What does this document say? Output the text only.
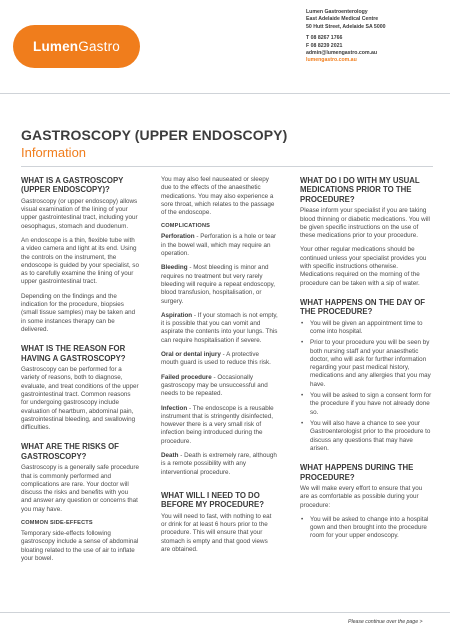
LumenGastro
Lumen Gastroenterology
East Adelaide Medical Centre
50 Hutt Street, Adelaide SA 5000
T 08 8267 1766
F 08 8239 2021
admin@lumengastro.com.au
lumengastro.com.au
GASTROSCOPY (UPPER ENDOSCOPY)
Information
WHAT IS A GASTROSCOPY (UPPER ENDOSCOPY)?

Gastroscopy (or upper endoscopy) allows visual examination of the lining of your upper gastrointestinal tract, including your oesophagus, stomach and duodenum.

An endoscope is a thin, flexible tube with a video camera and light at its end. Using the controls on the instrument, the endoscope is guided by your specialist, so as to carefully examine the lining of your upper gastrointestinal tract.

Depending on the findings and the indication for the procedure, biopsies (small tissue samples) may be taken and in some instances therapy can be delivered.

WHAT IS THE REASON FOR HAVING A GASTROSCOPY?

Gastroscopy can be performed for a variety of reasons, both to diagnose, evaluate, and treat conditions of the upper gastrointestinal tract. Common reasons for undergoing gastroscopy include evaluation of heartburn, abdominal pain, gastrointestinal bleeding, and swallowing difficulties.

WHAT ARE THE RISKS OF GASTROSCOPY?

Gastroscopy is a generally safe procedure that is commonly performed and complications are rare. Your doctor will discuss the risks and benefits with you and answer any question or concerns that you may have.

COMMON SIDE-EFFECTS

Temporary side-effects following gastroscopy include a sense of abdominal bloating related to the use of air to inflate your bowel.

You may also feel nauseated or sleepy due to the effects of the anaesthetic medications. You may also experience a sore throat, which relates to the passage of the endoscope.

COMPLICATIONS

Perforation - Perforation is a hole or tear in the bowel wall, which may require an operation.

Bleeding - Most bleeding is minor and requires no treatment but very rarely bleeding will require a repeat endoscopy, blood transfusion, hospitalisation, or surgery.

Aspiration - If your stomach is not empty, it is possible that you can vomit and aspirate the contents into your lungs. This can require hospitalisation if severe.

Oral or dental injury - A protective mouth guard is used to reduce this risk.

Failed procedure - Occasionally gastroscopy may be unsuccessful and needs to be repeated.

Infection - The endoscope is a reusable instrument that is stringently disinfected, however there is a very small risk of infection being introduced during the procedure.

Death - Death is extremely rare, although is a remote possibility with any interventional procedure.

WHAT WILL I NEED TO DO BEFORE MY PROCEDURE?

You will need to fast, with nothing to eat or drink for at least 6 hours prior to the procedure. This will ensure that your stomach is empty and that good views are obtained.

WHAT DO I DO WITH MY USUAL MEDICATIONS PRIOR TO THE PROCEDURE?

Please inform your specialist if you are taking blood thinning or diabetic medications. You will be given specific instructions on the use of these medications prior to your procedure.

Your other regular medications should be continued unless your specialist provides you with specific instructions otherwise. Medications required on the morning of the procedure can be taken with a sip of water.

WHAT HAPPENS ON THE DAY OF THE PROCEDURE?
• You will be given an appointment time to come into hospital.
• Prior to your procedure you will be seen by both nursing staff and your anaesthetic doctor, who will ask for further information regarding your past medical history, medications and any allergies that you may have.
• You will be asked to sign a consent form for the procedure if you have not already done so.
• You will also have a chance to see your Gastroenterologist prior to the procedure to discuss any questions that may have arisen.
WHAT HAPPENS DURING THE PROCEDURE?

We will make every effort to ensure that you are as comfortable as possible during your procedure:

• You will be asked to change into a hospital gown and then brought into the procedure room for your upper endoscopy.
Please continue over the page >
